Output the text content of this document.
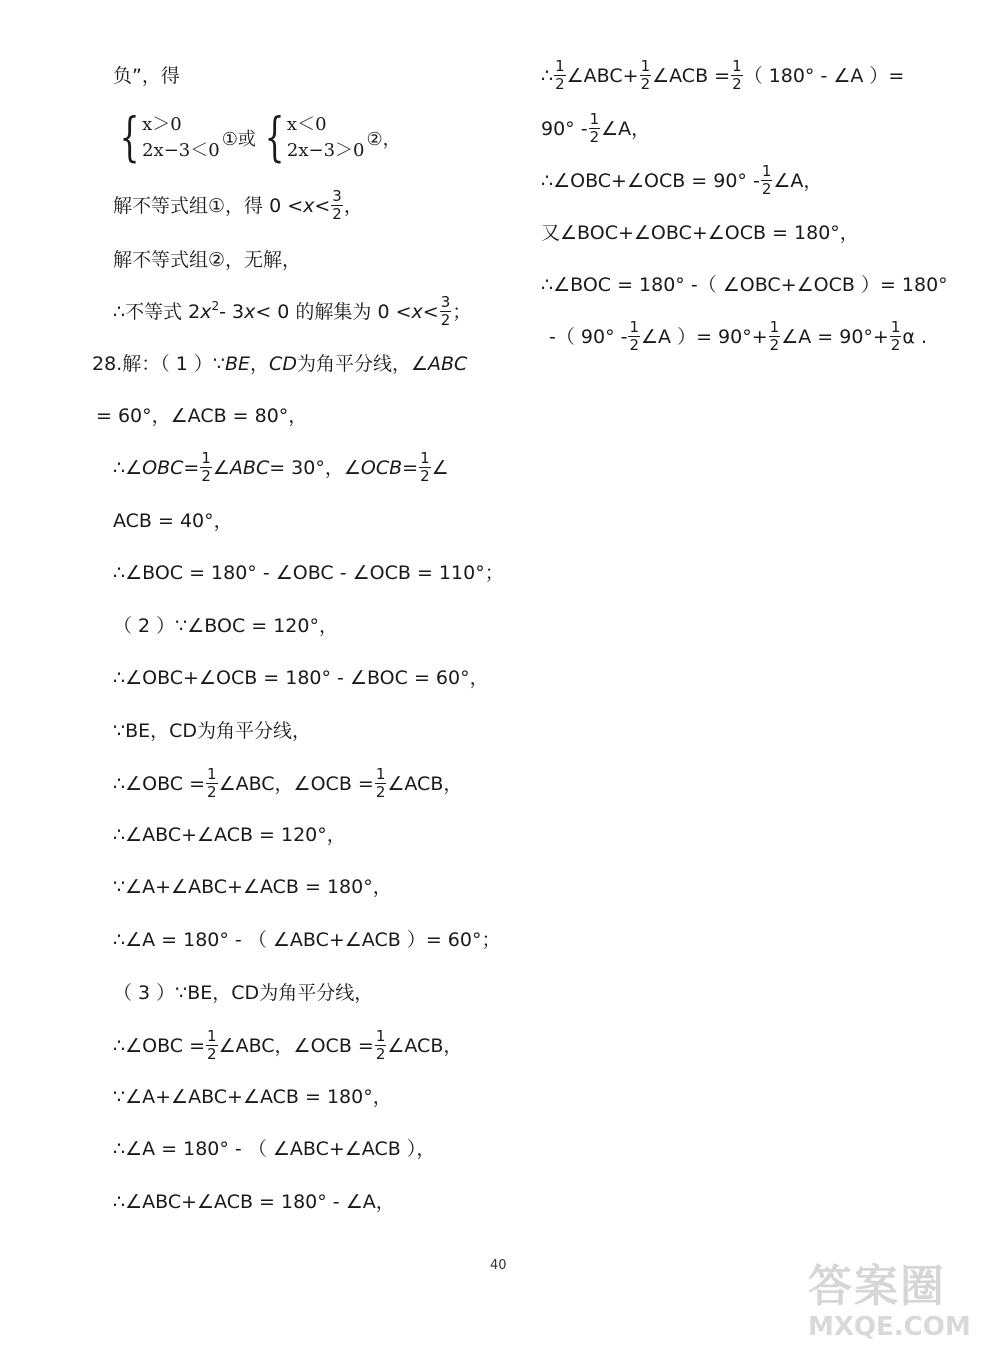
负”，得
{ x＞0
2x−3＜0
①或 { x＜0
2x−3＞0
②，
解不等式组①，得 $0 <x< \frac{3}{2}$ ，
解不等式组②，无解，
∴不等式 $2x^2-$ 3x< 0 的解集为 $0 <x< \frac{3}{2}$ ；
28.解：（ 1 ）∵BE，CD为角平分线，∠ABC
= 60°，∠ACB = 80°，
∴∠OBC= $\frac{1}{2}$ ∠ABC= 30°，∠OCB= $\frac{1}{2}$ ∠
ACB = 40°，
∴∠BOC = 180° - ∠OBC - ∠OCB = 110°；
（ 2 ）∵∠BOC = 120°，
∴∠OBC+∠OCB = 180° - ∠BOC = 60°，
∵BE，CD为角平分线，
∴∠OBC = $\frac{1}{2}$ ∠ABC，∠OCB = $\frac{1}{2}$ ∠ACB，
∴∠ABC+∠ACB = 120°，
∵∠A+∠ABC+∠ACB = 180°，
∴∠A = 180° - （ ∠ABC+∠ACB ）= 60°；
（ 3 ）∵BE，CD为角平分线，
∴∠OBC = $\frac{1}{2}$ ∠ABC，∠OCB = $\frac{1}{2}$ ∠ACB，
∵∠A+∠ABC+∠ACB = 180°，
∴∠A = 180° - （ ∠ABC+∠ACB ），
∴∠ABC+∠ACB = 180° - ∠A，
∴ $\frac{1}{2}$ ∠ABC+ $\frac{1}{2}$ ∠ACB = $\frac{1}{2}$ （ 180° - ∠A ）=
$90^\circ - \frac{1}{2}$ ∠A，
∴∠OBC+∠OCB = $90^\circ - \frac{1}{2}$ ∠A，
又∠BOC+∠OBC+∠OCB = 180°，
∴∠BOC = 180° -（ ∠OBC+∠OCB ）= 180°
-（ $90^\circ - \frac{1}{2}$ ∠A ）= $90^\circ+ \frac{1}{2}$ ∠A = $90^\circ+ \frac{1}{2}$ α .
40	答案圈
MXQE.COM
